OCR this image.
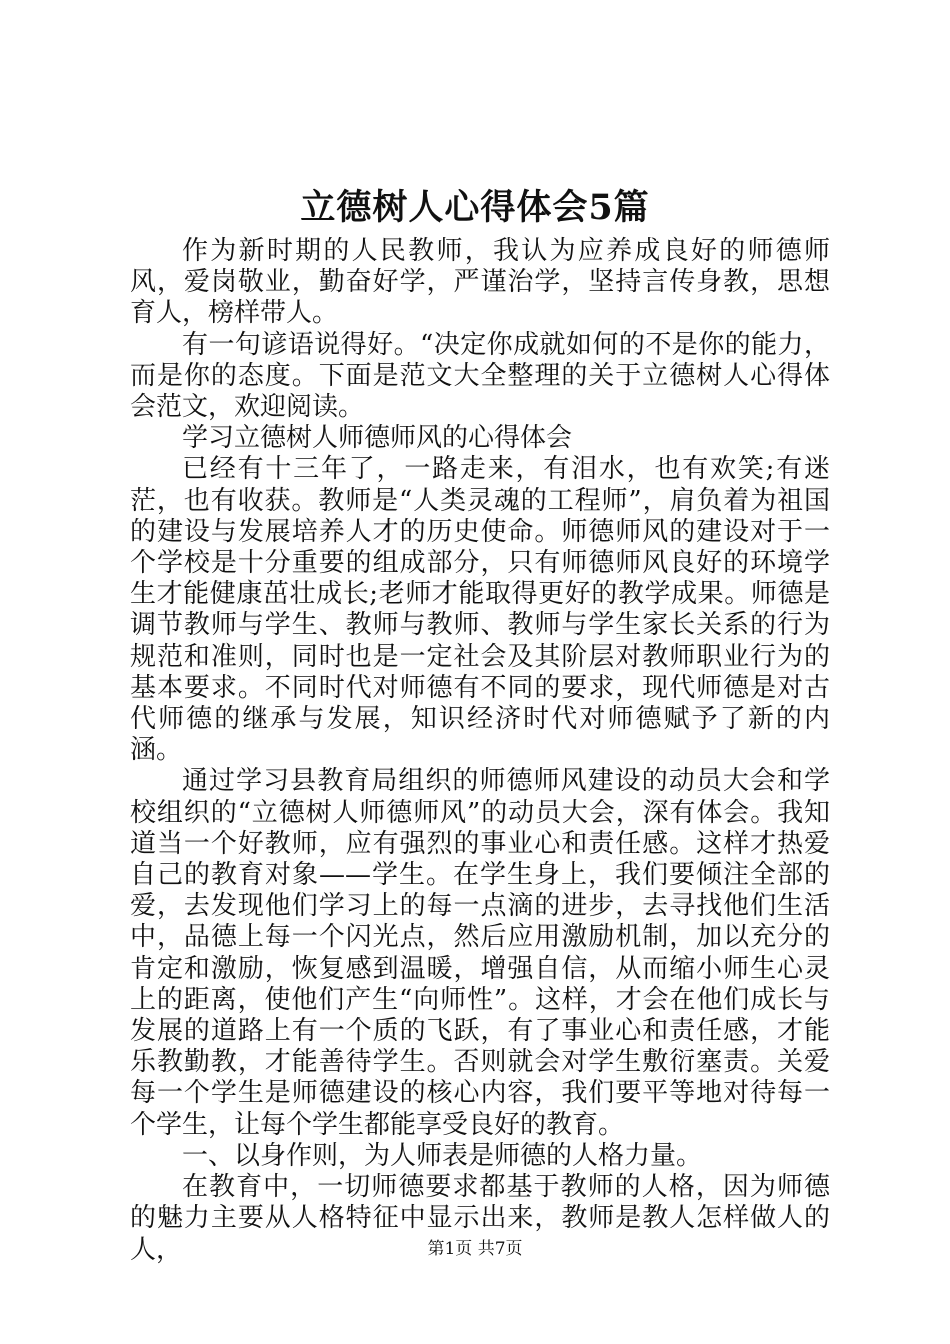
立德树人心得体会5篇

作为新时期的人民教师，我认为应养成良好的师德师风，爱岗敬业，勤奋好学，严谨治学，坚持言传身教，思想育人，榜样带人。

有一句谚语说得好。“决定你成就如何的不是你的能力，而是你的态度。下面是范文大全整理的关于立德树人心得体会范文，欢迎阅读。

学习立德树人师德师风的心得体会

已经有十三年了，一路走来，有泪水，也有欢笑;有迷茫，也有收获。教师是“人类灵魂的工程师”，肩负着为祖国的建设与发展培养人才的历史使命。师德师风的建设对于一个学校是十分重要的组成部分，只有师德师风良好的环境学生才能健康茁壮成长;老师才能取得更好的教学成果。师德是调节教师与学生、教师与教师、教师与学生家长关系的行为规范和准则，同时也是一定社会及其阶层对教师职业行为的基本要求。不同时代对师德有不同的要求，现代师德是对古代师德的继承与发展，知识经济时代对师德赋予了新的内涵。

通过学习县教育局组织的师德师风建设的动员大会和学校组织的“立德树人师德师风”的动员大会，深有体会。我知道当一个好教师，应有强烈的事业心和责任感。这样才热爱自己的教育对象——学生。在学生身上，我们要倾注全部的爱，去发现他们学习上的每一点滴的进步，去寻找他们生活中，品德上每一个闪光点，然后应用激励机制，加以充分的肯定和激励，恢复感到温暖，增强自信，从而缩小师生心灵上的距离，使他们产生“向师性”。这样，才会在他们成长与发展的道路上有一个质的飞跃，有了事业心和责任感，才能乐教勤教，才能善待学生。否则就会对学生敷衍塞责。关爱每一个学生是师德建设的核心内容，我们要平等地对待每一个学生，让每个学生都能享受良好的教育。

一、以身作则，为人师表是师德的人格力量。

在教育中，一切师德要求都基于教师的人格，因为师德的魅力主要从人格特征中显示出来，教师是教人怎样做人的人，	第1页 共7页
